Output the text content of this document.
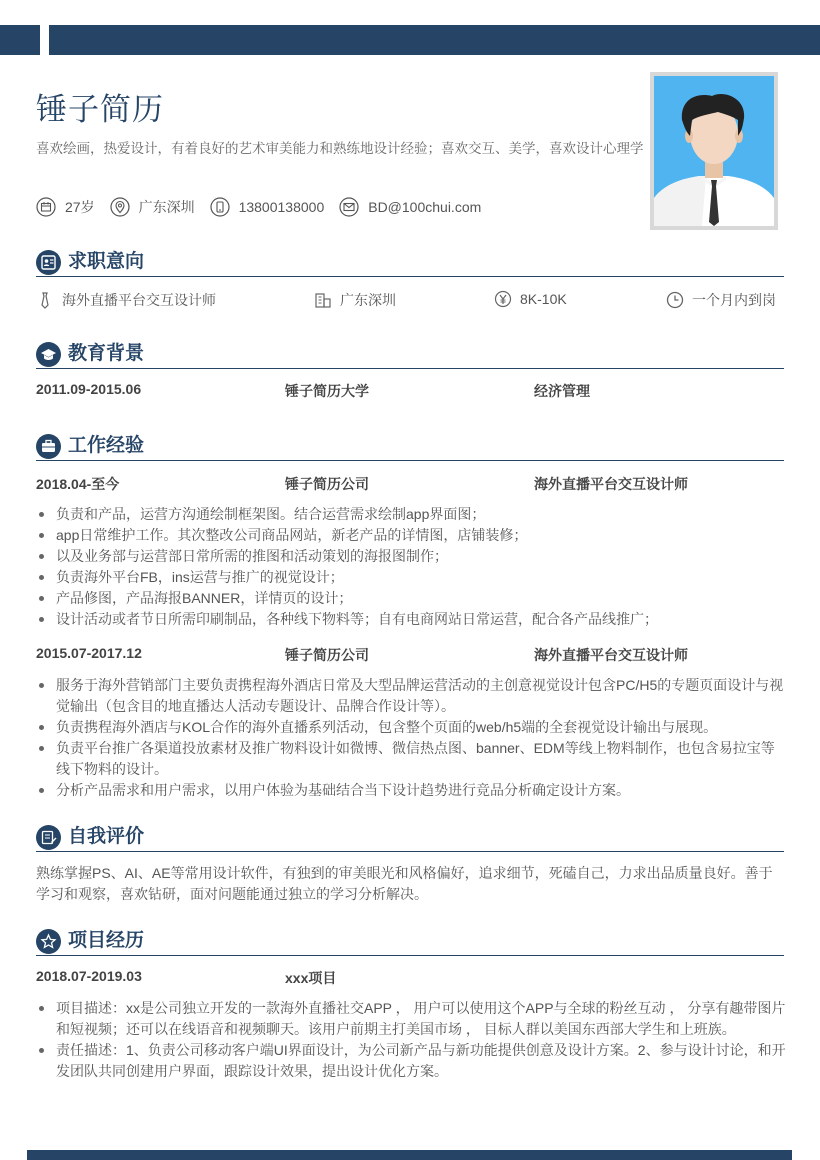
锤子简历

喜欢绘画，热爱设计，有着良好的艺术审美能力和熟练地设计经验；喜欢交互、美学，喜欢设计心理学

27岁	广东深圳	13800138000	BD@100chui.com
求职意向
海外直播平台交互设计师	广东深圳	8K-10K	一个月内到岗
教育背景
2011.09-2015.06	锤子简历大学	经济管理
工作经验
2018.04-至今	锤子简历公司	海外直播平台交互设计师
负责和产品，运营方沟通绘制框架图。结合运营需求绘制app界面图；
app日常维护工作。其次整改公司商品网站，新老产品的详情图，店铺装修；
以及业务部与运营部日常所需的推图和活动策划的海报图制作；
负责海外平台FB，ins运营与推广的视觉设计；
产品修图，产品海报BANNER，详情页的设计；
设计活动或者节日所需印刷制品，各种线下物料等；自有电商网站日常运营，配合各产品线推广；
2015.07-2017.12	锤子简历公司	海外直播平台交互设计师
服务于海外营销部门主要负责携程海外酒店日常及大型品牌运营活动的主创意视觉设计包含PC/H5的专题页面设计与视觉输出（包含目的地直播达人活动专题设计、品牌合作设计等）。
负责携程海外酒店与KOL合作的海外直播系列活动，包含整个页面的web/h5端的全套视觉设计输出与展现。
负责平台推广各渠道投放素材及推广物料设计如微博、微信热点图、banner、EDM等线上物料制作，也包含易拉宝等线下物料的设计。
分析产品需求和用户需求，以用户体验为基础结合当下设计趋势进行竞品分析确定设计方案。
自我评价

熟练掌握PS、AI、AE等常用设计软件，有独到的审美眼光和风格偏好，追求细节，死磕自己，力求出品质量良好。善于学习和观察，喜欢钻研，面对问题能通过独立的学习分析解决。

项目经历
2018.07-2019.03	xxx项目
项目描述：xx是公司独立开发的一款海外直播社交APP ， 用户可以使用这个APP与全球的粉丝互动 ， 分享有趣带图片和短视频；还可以在线语音和视频聊天。该用户前期主打美国市场 ， 目标人群以美国东西部大学生和上班族。
责任描述：1、负责公司移动客户端UI界面设计，为公司新产品与新功能提供创意及设计方案。2、参与设计讨论，和开发团队共同创建用户界面，跟踪设计效果，提出设计优化方案。
